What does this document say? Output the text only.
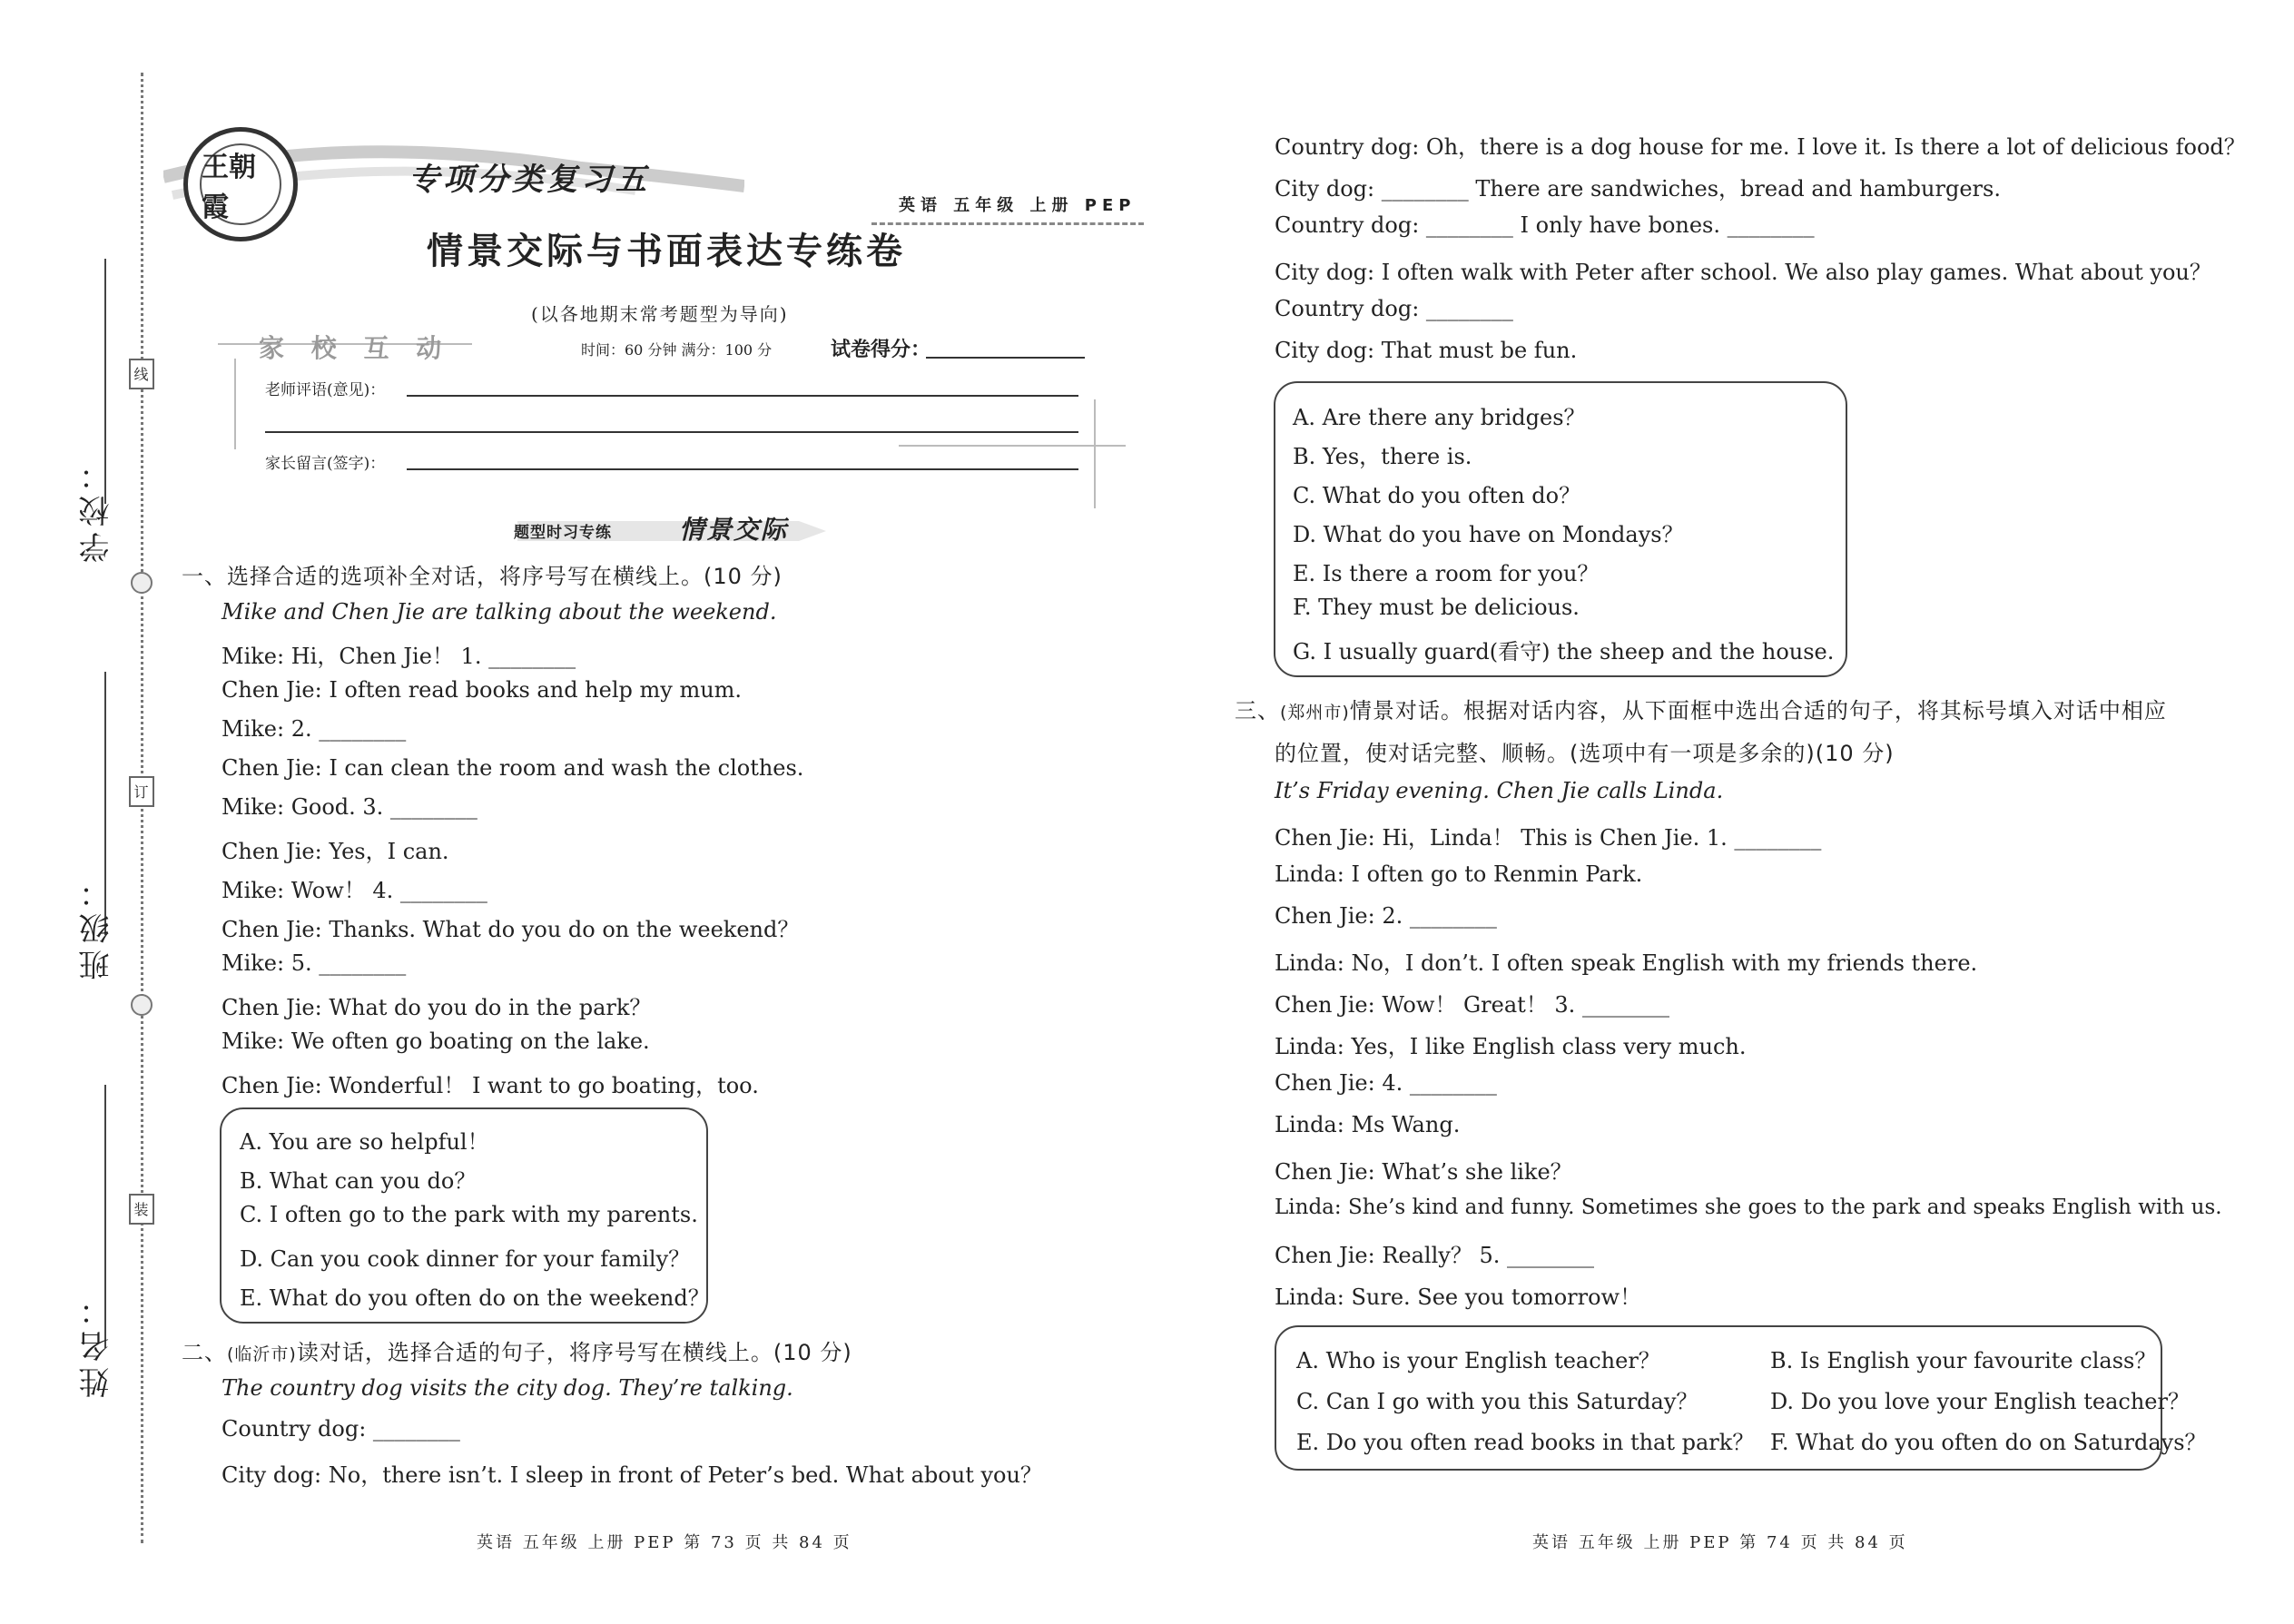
学校：
班级：
姓名：
线
订
装
王朝霞
专项分类复习五
情景交际与书面表达专练卷
(以各地期末常考题型为导向)
英语 五年级 上册 PEP
家 校 互 动	时间：60 分钟 满分：100 分	试卷得分：
老师评语(意见)：
家长留言(签字)：
题型时习专练	情景交际
一、选择合适的选项补全对话，将序号写在横线上。(10 分)
Mike and Chen Jie are talking about the weekend.
Mike: Hi，Chen Jie！ 1. ________
Chen Jie: I often read books and help my mum.
Mike: 2. ________
Chen Jie: I can clean the room and wash the clothes.
Mike: Good. 3. ________
Chen Jie: Yes，I can.
Mike: Wow！ 4. ________
Chen Jie: Thanks. What do you do on the weekend？
Mike: 5. ________
Chen Jie: What do you do in the park？
Mike: We often go boating on the lake.
Chen Jie: Wonderful！ I want to go boating，too.
A. You are so helpful！
B. What can you do？
C. I often go to the park with my parents.
D. Can you cook dinner for your family？
E. What do you often do on the weekend？
二、(临沂市)读对话，选择合适的句子，将序号写在横线上。(10 分)
The country dog visits the city dog. They’re talking.
Country dog: ________
City dog: No，there isn’t. I sleep in front of Peter’s bed. What about you？
Country dog: Oh，there is a dog house for me. I love it. Is there a lot of delicious food？
City dog: ________ There are sandwiches，bread and hamburgers.
Country dog: ________ I only have bones. ________
City dog: I often walk with Peter after school. We also play games. What about you？
Country dog: ________
City dog: That must be fun.
A. Are there any bridges？
B. Yes，there is.
C. What do you often do？
D. What do you have on Mondays？
E. Is there a room for you？
F. They must be delicious.
G. I usually guard(看守) the sheep and the house.
三、(郑州市)情景对话。根据对话内容，从下面框中选出合适的句子，将其标号填入对话中相应
的位置，使对话完整、顺畅。(选项中有一项是多余的)(10 分)
It’s Friday evening. Chen Jie calls Linda.
Chen Jie: Hi，Linda！ This is Chen Jie. 1. ________
Linda: I often go to Renmin Park.
Chen Jie: 2. ________
Linda: No，I don’t. I often speak English with my friends there.
Chen Jie: Wow！ Great！ 3. ________
Linda: Yes，I like English class very much.
Chen Jie: 4. ________
Linda: Ms Wang.
Chen Jie: What’s she like？
Linda: She’s kind and funny. Sometimes she goes to the park and speaks English with us.
Chen Jie: Really？ 5. ________
Linda: Sure. See you tomorrow！
A. Who is your English teacher？	B. Is English your favourite class？
C. Can I go with you this Saturday？	D. Do you love your English teacher？
E. Do you often read books in that park？ F. What do you often do on Saturdays？
英语 五年级 上册 PEP 第 73 页 共 84 页	英语 五年级 上册 PEP 第 74 页 共 84 页
